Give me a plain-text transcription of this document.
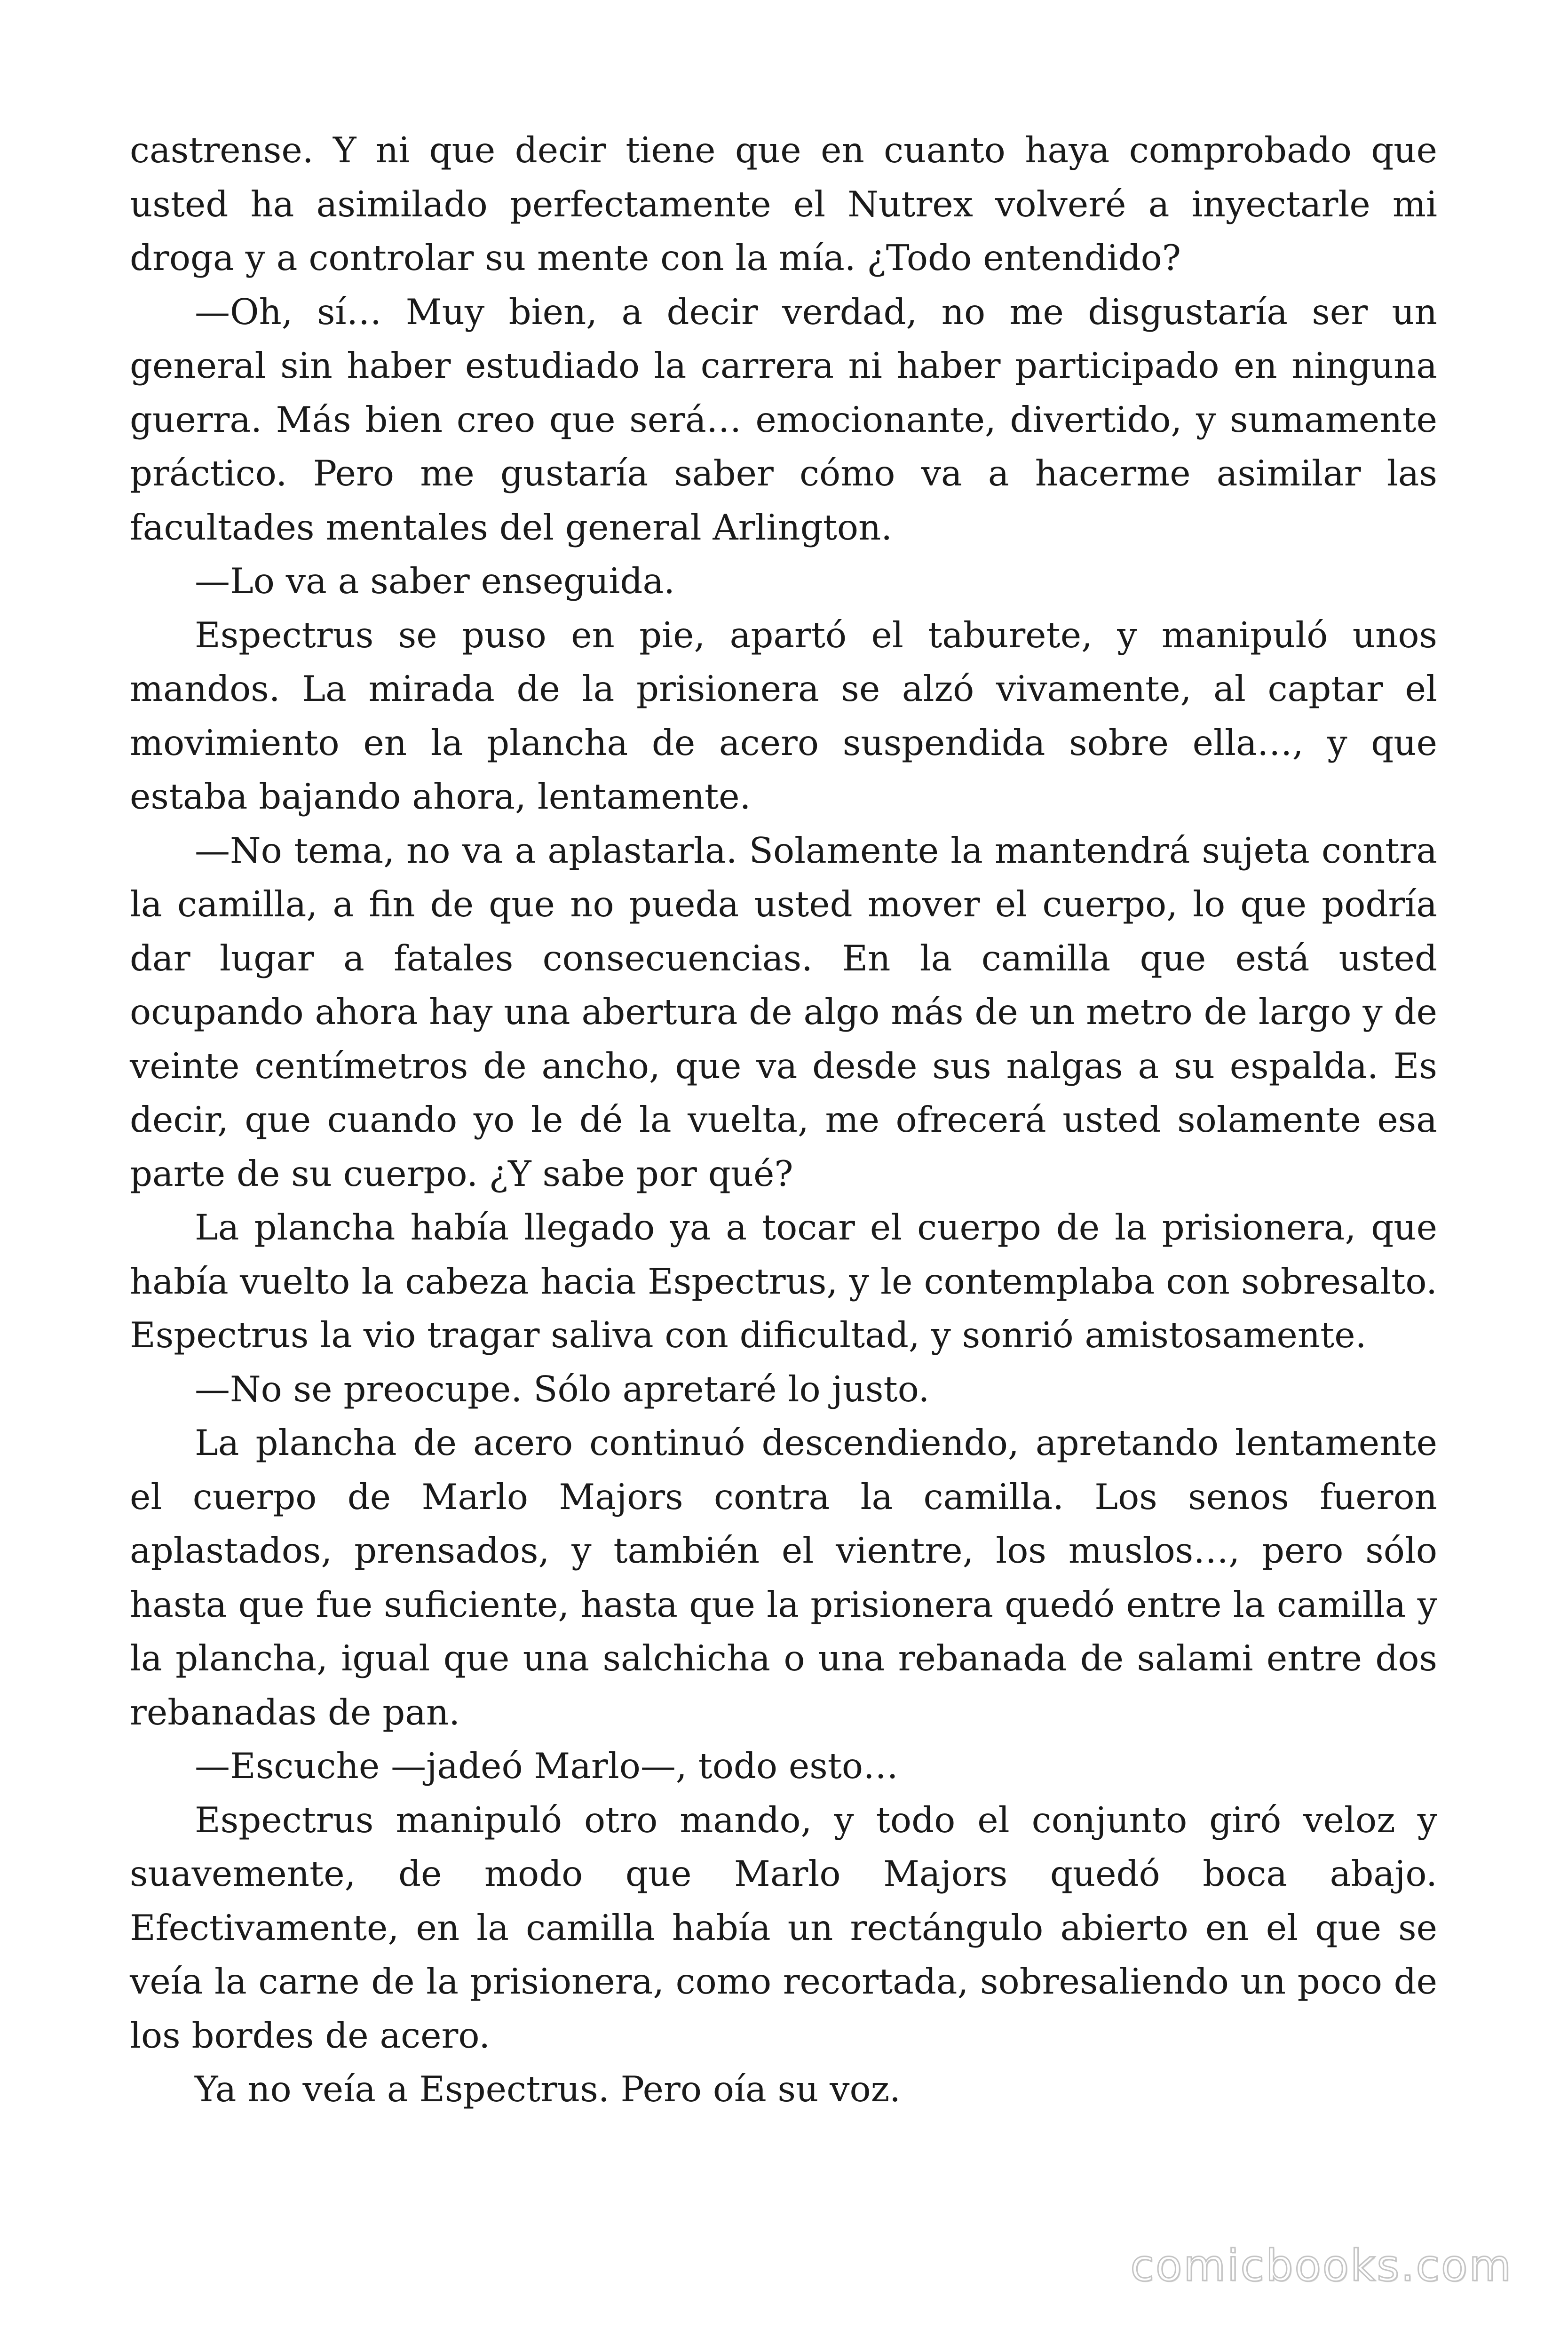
castrense. Y ni que decir tiene que en cuanto haya comprobado que usted ha asimilado perfectamente el Nutrex volveré a inyectarle mi droga y a controlar su mente con la mía. ¿Todo entendido?

—Oh, sí… Muy bien, a decir verdad, no me disgustaría ser un general sin haber estudiado la carrera ni haber participado en ninguna guerra. Más bien creo que será… emocionante, divertido, y sumamente práctico. Pero me gustaría saber cómo va a hacerme asimilar las facultades mentales del general Arlington.

—Lo va a saber enseguida.

Espectrus se puso en pie, apartó el taburete, y manipuló unos mandos. La mirada de la prisionera se alzó vivamente, al captar el movimiento en la plancha de acero suspendida sobre ella…, y que estaba bajando ahora, lentamente.

—No tema, no va a aplastarla. Solamente la mantendrá sujeta contra la camilla, a fin de que no pueda usted mover el cuerpo, lo que podría dar lugar a fatales consecuencias. En la camilla que está usted ocupando ahora hay una abertura de algo más de un metro de largo y de veinte centímetros de ancho, que va desde sus nalgas a su espalda. Es decir, que cuando yo le dé la vuelta, me ofrecerá usted solamente esa parte de su cuerpo. ¿Y sabe por qué?

La plancha había llegado ya a tocar el cuerpo de la prisionera, que había vuelto la cabeza hacia Espectrus, y le contemplaba con sobresalto. Espectrus la vio tragar saliva con dificultad, y sonrió amistosamente.

—No se preocupe. Sólo apretaré lo justo.

La plancha de acero continuó descendiendo, apretando lentamente el cuerpo de Marlo Majors contra la camilla. Los senos fueron aplastados, prensados, y también el vientre, los muslos…, pero sólo hasta que fue suficiente, hasta que la prisionera quedó entre la camilla y la plancha, igual que una salchicha o una rebanada de salami entre dos rebanadas de pan.

—Escuche —jadeó Marlo—, todo esto…

Espectrus manipuló otro mando, y todo el conjunto giró veloz y suavemente, de modo que Marlo Majors quedó boca abajo. Efectivamente, en la camilla había un rectángulo abierto en el que se veía la carne de la prisionera, como recortada, sobresaliendo un poco de los bordes de acero.

Ya no veía a Espectrus. Pero oía su voz.

comicbooks.com
